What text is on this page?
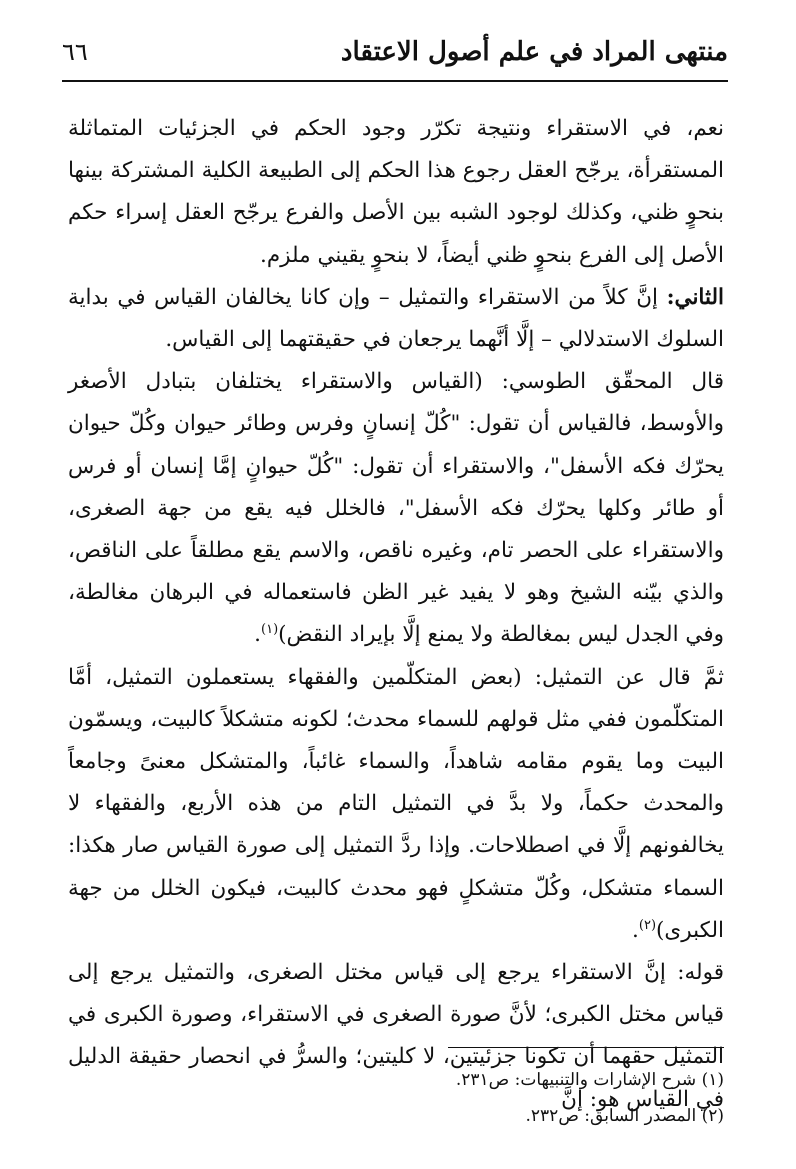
منتهى المراد في علم أصول الاعتقاد
٦٦

نعم، في الاستقراء ونتيجة تكرّر وجود الحكم في الجزئيات المتماثلة المستقرأة، يرجّح العقل رجوع هذا الحكم إلى الطبيعة الكلية المشتركة بينها بنحوٍ ظني، وكذلك لوجود الشبه بين الأصل والفرع يرجّح العقل إسراء حكم الأصل إلى الفرع بنحوٍ ظني أيضاً، لا بنحوٍ يقيني ملزم.

الثاني: إنَّ كلاً من الاستقراء والتمثيل – وإن كانا يخالفان القياس في بداية السلوك الاستدلالي – إلَّا أنَّهما يرجعان في حقيقتهما إلى القياس.

قال المحقّق الطوسي: (القياس والاستقراء يختلفان بتبادل الأصغر والأوسط، فالقياس أن تقول: "كُلّ إنسانٍ وفرس وطائر حيوان وكُلّ حيوان يحرّك فكه الأسفل"، والاستقراء أن تقول: "كُلّ حيوانٍ إمَّا إنسان أو فرس أو طائر وكلها يحرّك فكه الأسفل"، فالخلل فيه يقع من جهة الصغرى، والاستقراء على الحصر تام، وغيره ناقص، والاسم يقع مطلقاً على الناقص، والذي بيّنه الشيخ وهو لا يفيد غير الظن فاستعماله في البرهان مغالطة، وفي الجدل ليس بمغالطة ولا يمنع إلَّا بإيراد النقض)$^{(١)}$.

ثمَّ قال عن التمثيل: (بعض المتكلّمين والفقهاء يستعملون التمثيل، أمَّا المتكلّمون ففي مثل قولهم للسماء محدث؛ لكونه متشكلاً كالبيت، ويسمّون البيت وما يقوم مقامه شاهداً، والسماء غائباً، والمتشكل معنىً وجامعاً والمحدث حكماً، ولا بدَّ في التمثيل التام من هذه الأربع، والفقهاء لا يخالفونهم إلَّا في اصطلاحات. وإذا ردَّ التمثيل إلى صورة القياس صار هكذا: السماء متشكل، وكُلّ متشكلٍ فهو محدث كالبيت، فيكون الخلل من جهة الكبرى)$^{(٢)}$.

قوله: إنَّ الاستقراء يرجع إلى قياس مختل الصغرى، والتمثيل يرجع إلى قياس مختل الكبرى؛ لأنَّ صورة الصغرى في الاستقراء، وصورة الكبرى في التمثيل حقهما أن تكونا جزئيتين، لا كليتين؛ والسرُّ في انحصار حقيقة الدليل في القياس هو: إنَّ

(١) شرح الإشارات والتنبيهات: ص٢٣١.

(٢) المصدر السابق: ص٢٣٢.
